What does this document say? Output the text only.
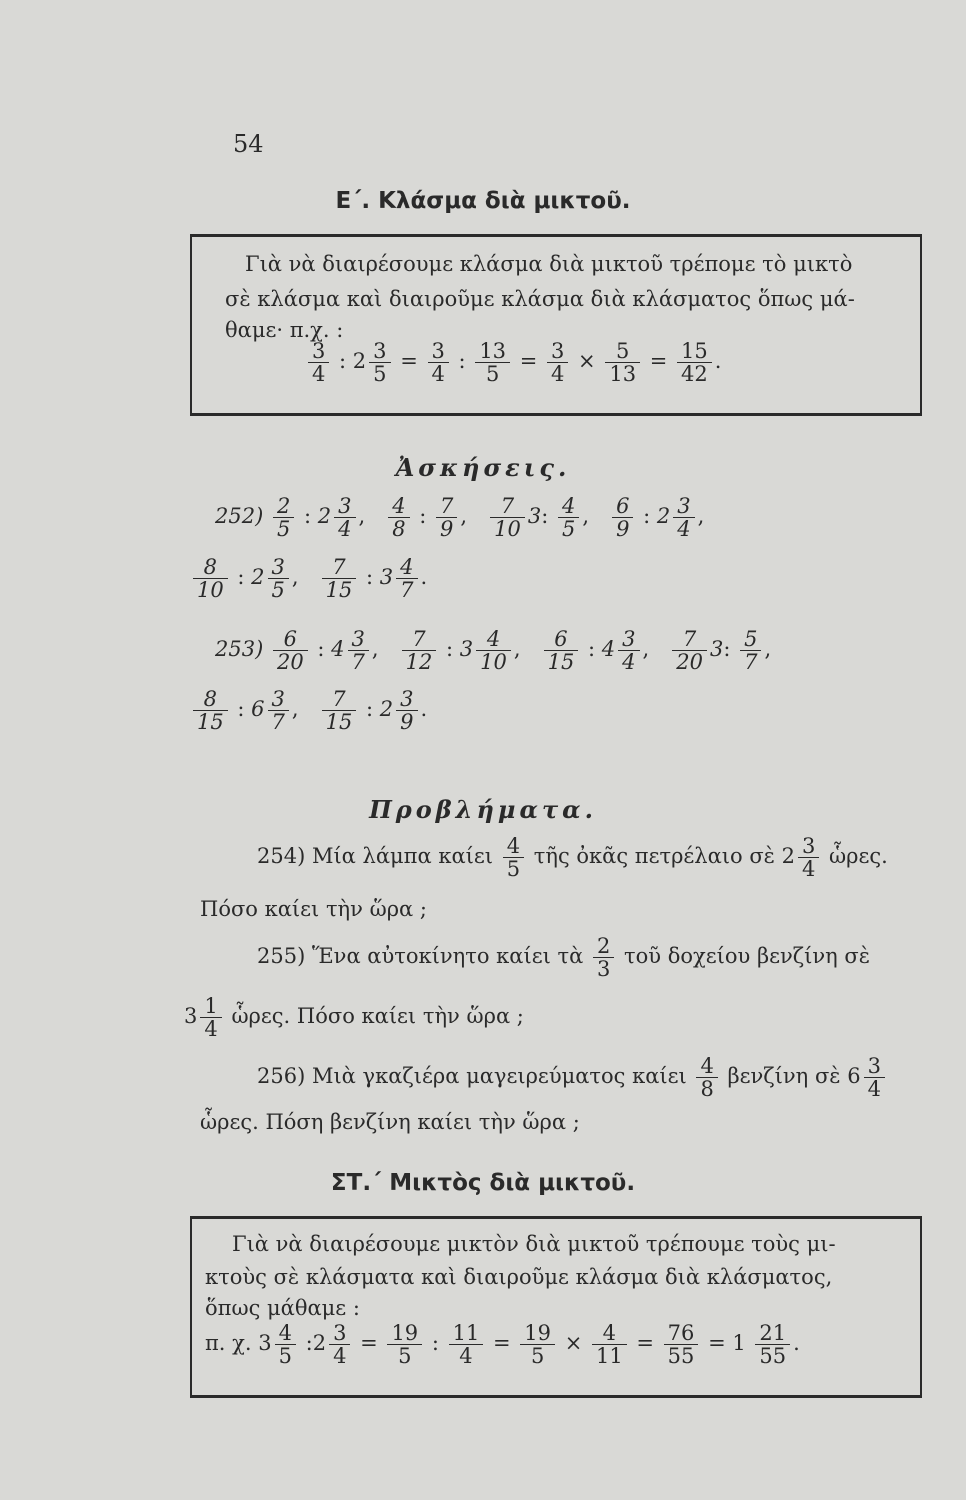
54
Ε΄. Κλάσμα διὰ μικτοῦ.
Γιὰ νὰ διαιρέσουμε κλάσμα διὰ μικτοῦ τρέπομε τὸ μικτὸ
σὲ κλάσμα καὶ διαιροῦμε κλάσμα διὰ κλάσματος ὅπως μά-
θαμε· π.χ. :
$\frac{3}{4}$ : $2 \frac{3}{5} = \frac{3}{4}$ : $\frac{13}{5} = \frac{3}{4} \times \frac{5}{13} = \frac{15}{42}$ .
Ἀσκήσεις.
$252) \frac{2}{5}$ : $2 \frac{3}{4}$ , $\frac{4}{8}$ : $\frac{7}{9}$ , $\frac{7}{10} 3$: $\frac{4}{5}$ , $\frac{6}{9}$ : $2 \frac{3}{4}$ ,
$\frac{8}{10}$ : $2 \frac{3}{5}$ , $\frac{7}{15}$ : $3 \frac{4}{7}$ .
$253) \frac{6}{20}$ : $4 \frac{3}{7}$ , $\frac{7}{12}$ : $3 \frac{4}{10}$ , $\frac{6}{15}$ : $4 \frac{3}{4}$ , $\frac{7}{20} 3$: $\frac{5}{7}$ ,
$\frac{8}{15}$ : $6 \frac{3}{7}$ , $\frac{7}{15}$ : $2 \frac{3}{9}$ .
Προβλήματα.
254) Μία λάμπα καίει $\frac{4}{5}$ τῆς ὀκᾶς πετρέλαιο σὲ $2 \frac{3}{4}$ ὧρες.
Πόσο καίει τὴν ὥρα ;
255) Ἕνα αὐτοκίνητο καίει τὰ $\frac{2}{3}$ τοῦ δοχείου βενζίνη σὲ
$3 \frac{1}{4}$ ὧρες. Πόσο καίει τὴν ὥρα ;
256) Μιὰ γκαζιέρα μαγειρεύματος καίει $\frac{4}{8}$ βενζίνη σὲ $6 \frac{3}{4}$
ὧρες. Πόση βενζίνη καίει τὴν ὥρα ;
ΣΤ.΄ Μικτὸς διὰ μικτοῦ.
Γιὰ νὰ διαιρέσουμε μικτὸν διὰ μικτοῦ τρέπουμε τοὺς μι-
κτοὺς σὲ κλάσματα καὶ διαιροῦμε κλάσμα διὰ κλάσματος,
ὅπως μάθαμε :
π. χ. $3 \frac{4}{5}$ :2 $\frac{3}{4} = \frac{19}{5}$ : $\frac{11}{4} = \frac{19}{5} \times \frac{4}{11} = \frac{76}{55} = 1 \frac{21}{55}$ .
